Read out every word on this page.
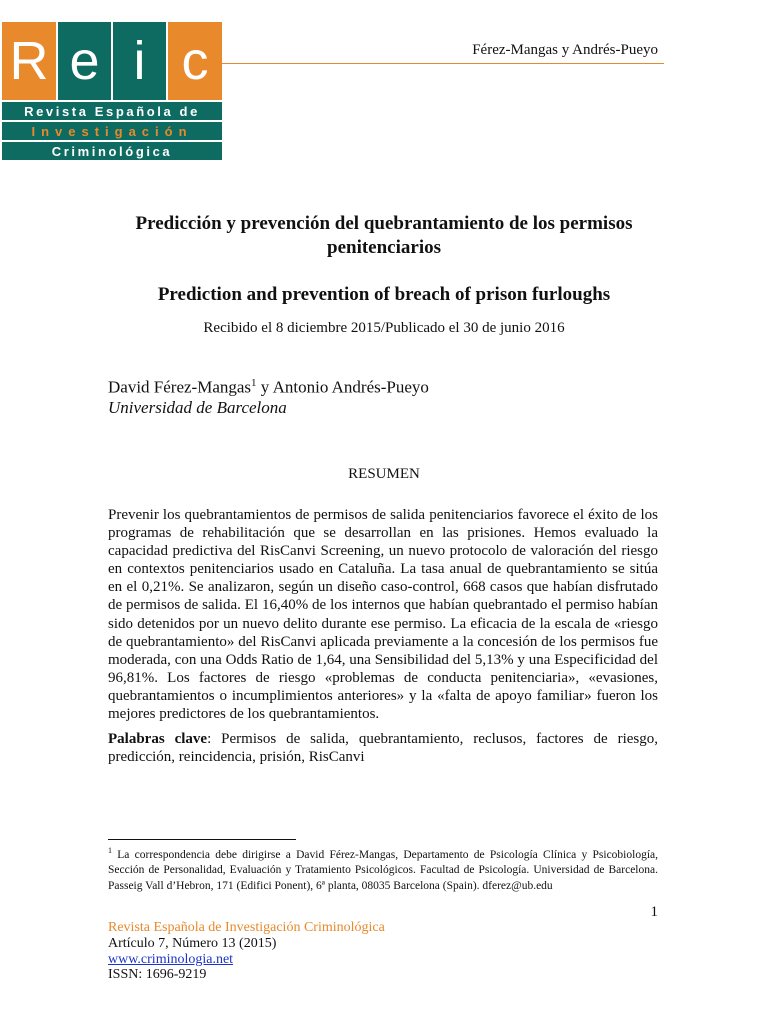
R e i c
Revista Española de
Investigación
Criminológica
Férez-Mangas y Andrés-Pueyo
Predicción y prevención del quebrantamiento de los permisos
penitenciarios
Prediction and prevention of breach of prison furloughs
Recibido el 8 diciembre 2015/Publicado el 30 de junio 2016
David Férez-Mangas$^1$ y Antonio Andrés-Pueyo
Universidad de Barcelona
RESUMEN
Prevenir los quebrantamientos de permisos de salida penitenciarios favorece el éxito de los programas de rehabilitación que se desarrollan en las prisiones. Hemos evaluado la capacidad predictiva del RisCanvi Screening, un nuevo protocolo de valoración del riesgo en contextos penitenciarios usado en Cataluña. La tasa anual de quebrantamiento se sitúa en el 0,21%. Se analizaron, según un diseño caso-control, 668 casos que habían disfrutado de permisos de salida. El 16,40% de los internos que habían quebrantado el permiso habían sido detenidos por un nuevo delito durante ese permiso. La eficacia de la escala de «riesgo de quebrantamiento» del RisCanvi aplicada previamente a la concesión de los permisos fue moderada, con una Odds Ratio de 1,64, una Sensibilidad del 5,13% y una Especificidad del 96,81%. Los factores de riesgo «problemas de conducta penitenciaria», «evasiones, quebrantamientos o incumplimientos anteriores» y la «falta de apoyo familiar» fueron los mejores predictores de los quebrantamientos.
Palabras clave: Permisos de salida, quebrantamiento, reclusos, factores de riesgo, predicción, reincidencia, prisión, RisCanvi
$^1$ La correspondencia debe dirigirse a David Férez-Mangas, Departamento de Psicología Clínica y Psicobiología, Sección de Personalidad, Evaluación y Tratamiento Psicológicos. Facultad de Psicología. Universidad de Barcelona. Passeig Vall d’Hebron, 171 (Edifici Ponent), 6ª planta, 08035 Barcelona (Spain). dferez@ub.edu
1
Revista Española de Investigación Criminológica
Artículo 7, Número 13 (2015)
www.criminologia.net
ISSN: 1696-9219
